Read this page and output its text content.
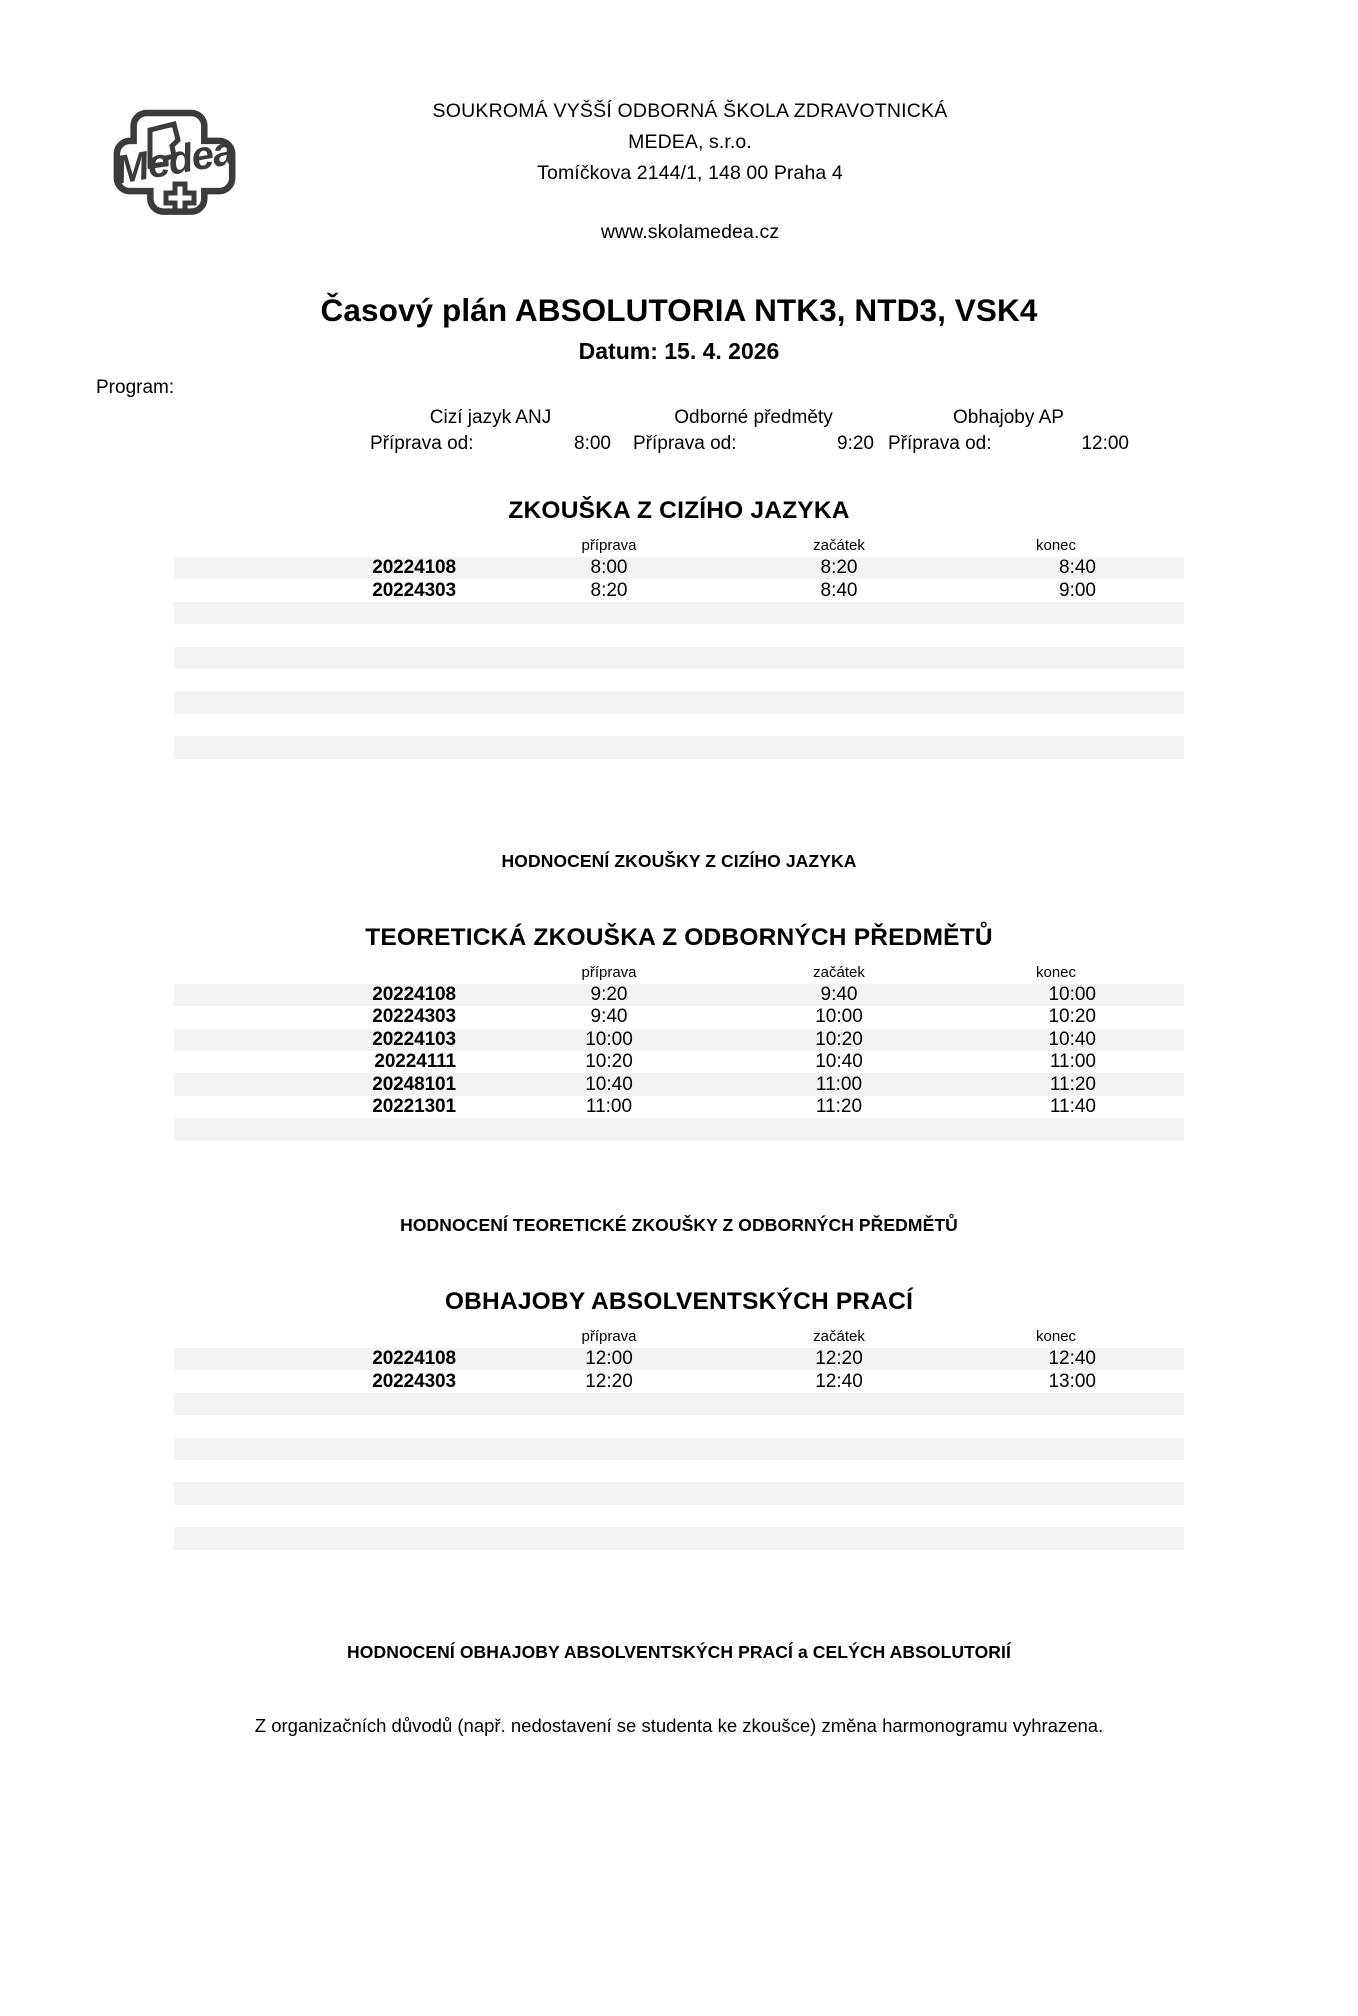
Medea
SOUKROMÁ VYŠŠÍ ODBORNÁ ŠKOLA ZDRAVOTNICKÁ
MEDEA, s.r.o.
Tomíčkova 2144/1, 148 00 Praha 4
www.skolamedea.cz
Časový plán ABSOLUTORIA NTK3, NTD3, VSK4
Datum: 15. 4. 2026
Program:
Cizí jazyk ANJ
Příprava od:	8:00
Odborné předměty
Příprava od:	9:20
Obhajoby AP
Příprava od:	12:00
ZKOUŠKA Z CIZÍHO JAZYKA
	příprava	začátek	konec
20224108	8:00	8:20	8:40
20224303	8:20	8:40	9:00

HODNOCENÍ ZKOUŠKY Z CIZÍHO JAZYKA
TEORETICKÁ ZKOUŠKA Z ODBORNÝCH PŘEDMĚTŮ
	příprava	začátek	konec
20224108	9:20	9:40	10:00
20224303	9:40	10:00	10:20
20224103	10:00	10:20	10:40
20224111	10:20	10:40	11:00
20248101	10:40	11:00	11:20
20221301	11:00	11:20	11:40

HODNOCENÍ TEORETICKÉ ZKOUŠKY Z ODBORNÝCH PŘEDMĚTŮ
OBHAJOBY ABSOLVENTSKÝCH PRACÍ
	příprava	začátek	konec
20224108	12:00	12:20	12:40
20224303	12:20	12:40	13:00

HODNOCENÍ OBHAJOBY ABSOLVENTSKÝCH PRACÍ a CELÝCH ABSOLUTORIÍ
Z organizačních důvodů (např. nedostavení se studenta ke zkoušce) změna harmonogramu vyhrazena.
